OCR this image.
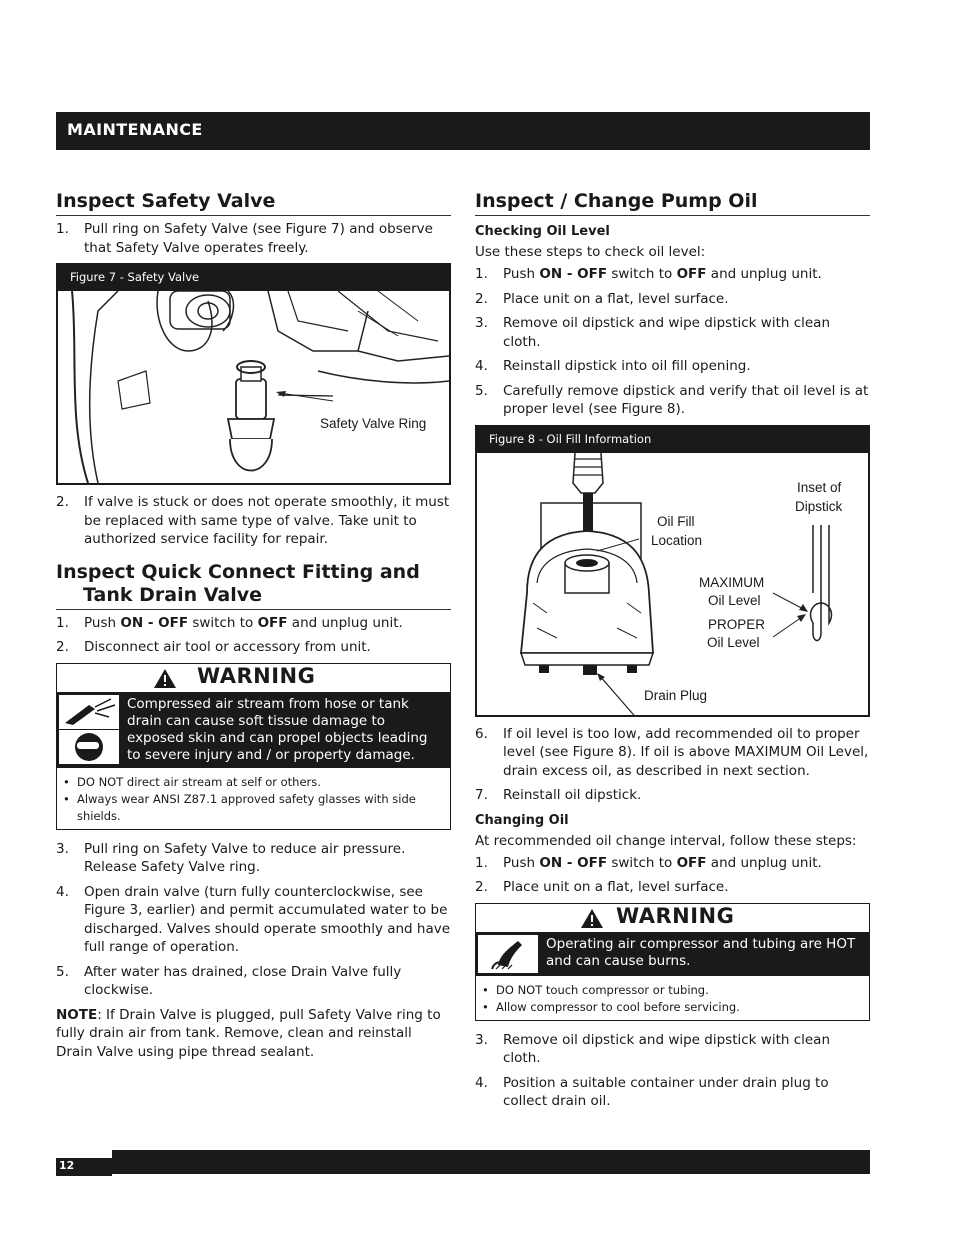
MAINTENANCE
Inspect Safety Valve
1. Pull ring on Safety Valve (see Figure 7) and observe that Safety Valve operates freely.
Figure 7 - Safety Valve
Safety Valve Ring
2. If valve is stuck or does not operate smoothly, it must be replaced with same type of valve. Take unit to authorized service facility for repair.
Inspect Quick Connect Fitting and
Tank Drain Valve
1. Push ON - OFF switch to OFF and unplug unit.
2. Disconnect air tool or accessory from unit.
WARNING
Compressed air stream from hose or tank drain can cause soft tissue damage to exposed skin and can propel objects leading to severe injury and / or property damage.
• DO NOT direct air stream at self or others.
• Always wear ANSI Z87.1 approved safety glasses with side shields.
3. Pull ring on Safety Valve to reduce air pressure. Release Safety Valve ring.
4. Open drain valve (turn fully counterclockwise, see Figure 3, earlier) and permit accumulated water to be discharged. Valves should operate smoothly and have full range of operation.
5. After water has drained, close Drain Valve fully clockwise.
NOTE: If Drain Valve is plugged, pull Safety Valve ring to fully drain air from tank. Remove, clean and reinstall Drain Valve using pipe thread sealant.
Inspect / Change Pump Oil
Checking Oil Level

Use these steps to check oil level:

1. Push ON - OFF switch to OFF and unplug unit.
2. Place unit on a flat, level surface.
3. Remove oil dipstick and wipe dipstick with clean cloth.
4. Reinstall dipstick into oil fill opening.
5. Carefully remove dipstick and verify that oil level is at proper level (see Figure 8).
Figure 8 - Oil Fill Information
Oil Fill
Location
Inset of
Dipstick
MAXIMUM
Oil Level
PROPER
Oil Level
Drain Plug
6. If oil level is too low, add recommended oil to proper level (see Figure 8). If oil is above MAXIMUM Oil Level, drain excess oil, as described in next section.
7. Reinstall oil dipstick.
Changing Oil

At recommended oil change interval, follow these steps:

1. Push ON - OFF switch to OFF and unplug unit.
2. Place unit on a flat, level surface.
WARNING
Operating air compressor and tubing are HOT and can cause burns.
• DO NOT touch compressor or tubing.
• Allow compressor to cool before servicing.
3. Remove oil dipstick and wipe dipstick with clean cloth.
4. Position a suitable container under drain plug to collect drain oil.
12
